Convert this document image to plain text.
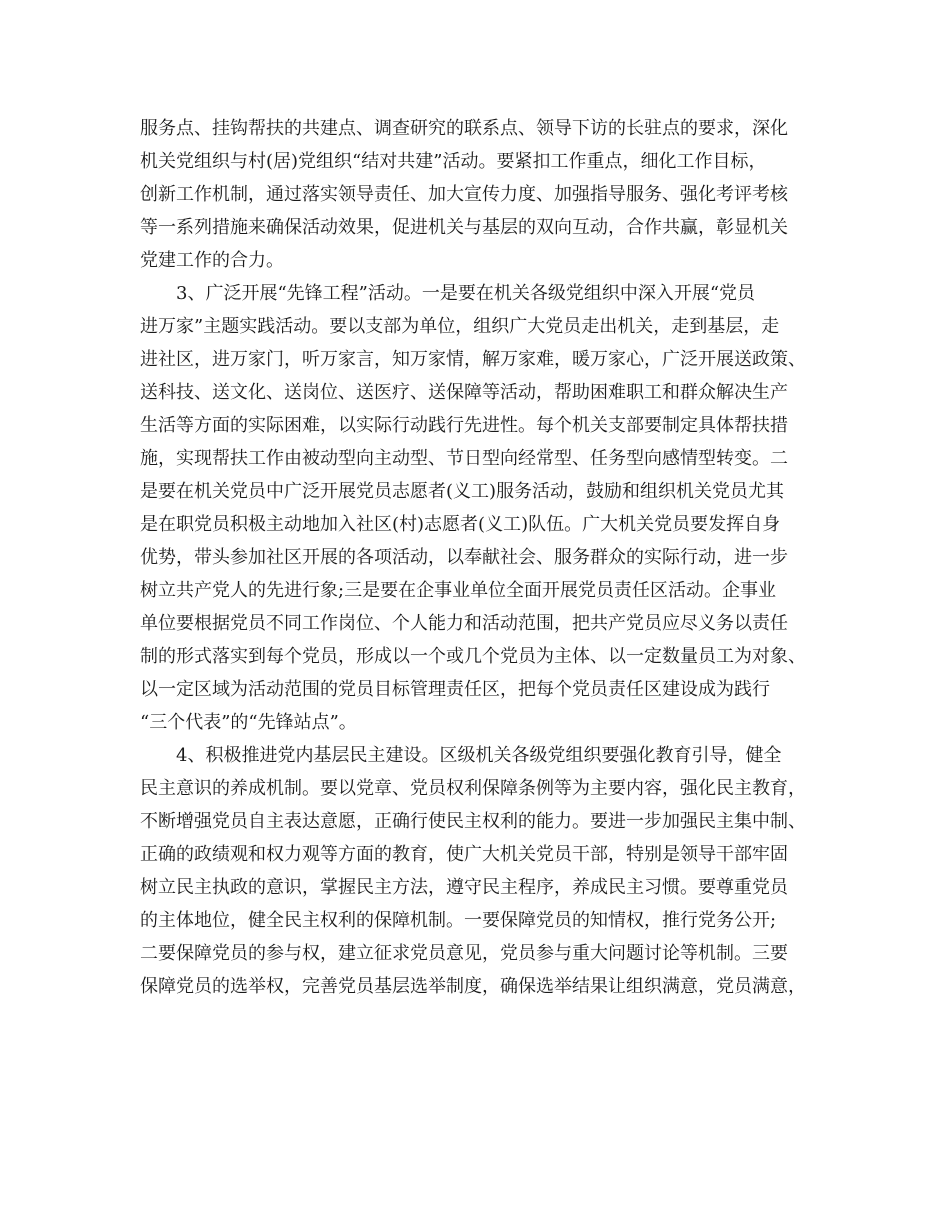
服务点、挂钩帮扶的共建点、调查研究的联系点、领导下访的长驻点的要求，深化

机关党组织与村(居)党组织“结对共建”活动。要紧扣工作重点，细化工作目标，

创新工作机制，通过落实领导责任、加大宣传力度、加强指导服务、强化考评考核

等一系列措施来确保活动效果，促进机关与基层的双向互动，合作共赢，彰显机关

党建工作的合力。

　　3、广泛开展“先锋工程”活动。一是要在机关各级党组织中深入开展“党员

进万家”主题实践活动。要以支部为单位，组织广大党员走出机关，走到基层，走

进社区，进万家门，听万家言，知万家情，解万家难，暖万家心，广泛开展送政策、

送科技、送文化、送岗位、送医疗、送保障等活动，帮助困难职工和群众解决生产

生活等方面的实际困难，以实际行动践行先进性。每个机关支部要制定具体帮扶措

施，实现帮扶工作由被动型向主动型、节日型向经常型、任务型向感情型转变。二

是要在机关党员中广泛开展党员志愿者(义工)服务活动，鼓励和组织机关党员尤其

是在职党员积极主动地加入社区(村)志愿者(义工)队伍。广大机关党员要发挥自身

优势，带头参加社区开展的各项活动，以奉献社会、服务群众的实际行动，进一步

树立共产党人的先进行象;三是要在企事业单位全面开展党员责任区活动。企事业

单位要根据党员不同工作岗位、个人能力和活动范围，把共产党员应尽义务以责任

制的形式落实到每个党员，形成以一个或几个党员为主体、以一定数量员工为对象、

以一定区域为活动范围的党员目标管理责任区，把每个党员责任区建设成为践行

“三个代表”的“先锋站点”。

　　4、积极推进党内基层民主建设。区级机关各级党组织要强化教育引导，健全

民主意识的养成机制。要以党章、党员权利保障条例等为主要内容，强化民主教育，

不断增强党员自主表达意愿，正确行使民主权利的能力。要进一步加强民主集中制、

正确的政绩观和权力观等方面的教育，使广大机关党员干部，特别是领导干部牢固

树立民主执政的意识，掌握民主方法，遵守民主程序，养成民主习惯。要尊重党员

的主体地位，健全民主权利的保障机制。一要保障党员的知情权，推行党务公开;

二要保障党员的参与权，建立征求党员意见，党员参与重大问题讨论等机制。三要

保障党员的选举权，完善党员基层选举制度，确保选举结果让组织满意，党员满意，
